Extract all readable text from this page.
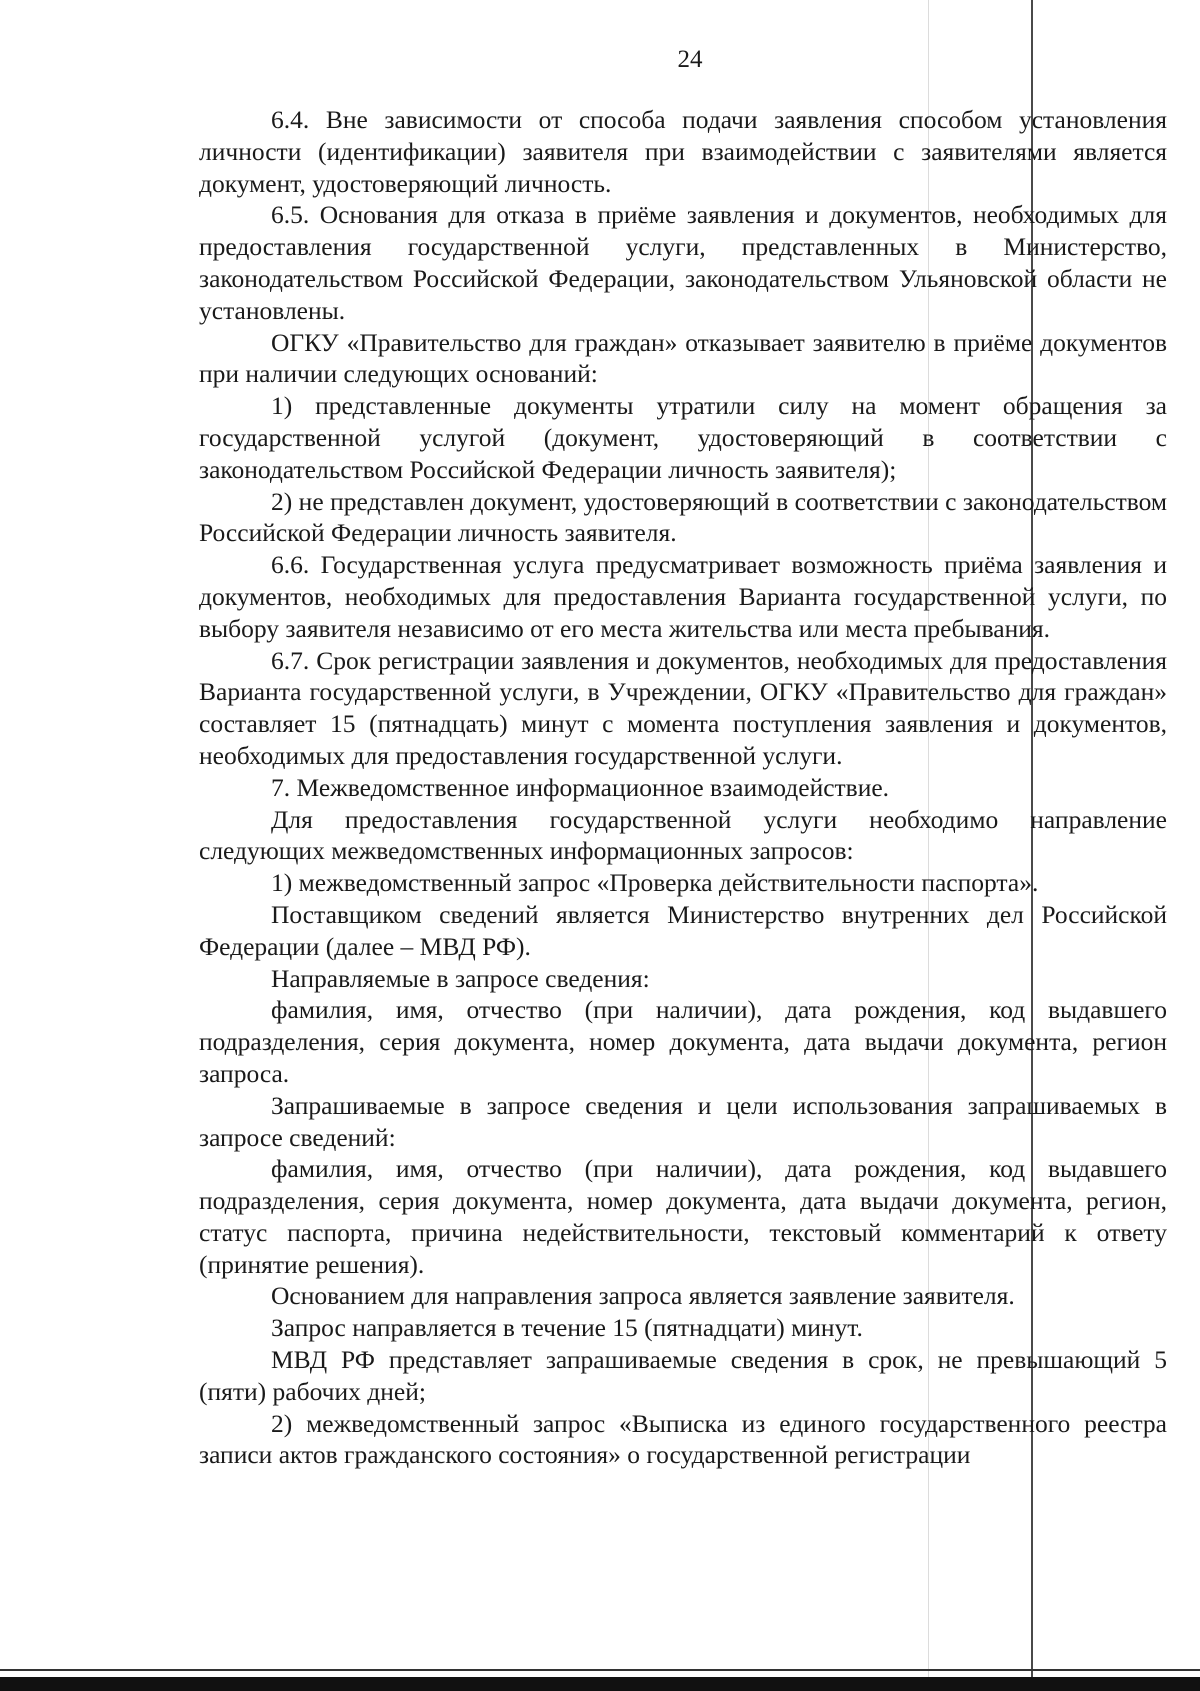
24

6.4. Вне зависимости от способа подачи заявления способом установления личности (идентификации) заявителя при взаимодействии с заявителями является документ, удостоверяющий личность.

6.5. Основания для отказа в приёме заявления и документов, необходимых для предоставления государственной услуги, представленных в Министерство, законодательством Российской Федерации, законодательством Ульяновской области не установлены.

ОГКУ «Правительство для граждан» отказывает заявителю в приёме документов при наличии следующих оснований:

1) представленные документы утратили силу на момент обращения за государственной услугой (документ, удостоверяющий в соответствии с законодательством Российской Федерации личность заявителя);

2) не представлен документ, удостоверяющий в соответствии с законодательством Российской Федерации личность заявителя.

6.6. Государственная услуга предусматривает возможность приёма заявления и документов, необходимых для предоставления Варианта государственной услуги, по выбору заявителя независимо от его места жительства или места пребывания.

6.7. Срок регистрации заявления и документов, необходимых для предоставления Варианта государственной услуги, в Учреждении, ОГКУ «Правительство для граждан» составляет 15 (пятнадцать) минут с момента поступления заявления и документов, необходимых для предоставления государственной услуги.

7. Межведомственное информационное взаимодействие.

Для предоставления государственной услуги необходимо направление следующих межведомственных информационных запросов:

1) межведомственный запрос «Проверка действительности паспорта».

Поставщиком сведений является Министерство внутренних дел Российской Федерации (далее – МВД РФ).

Направляемые в запросе сведения:

фамилия, имя, отчество (при наличии), дата рождения, код выдавшего подразделения, серия документа, номер документа, дата выдачи документа, регион запроса.

Запрашиваемые в запросе сведения и цели использования запрашиваемых в запросе сведений:

фамилия, имя, отчество (при наличии), дата рождения, код выдавшего подразделения, серия документа, номер документа, дата выдачи документа, регион, статус паспорта, причина недействительности, текстовый комментарий к ответу (принятие решения).

Основанием для направления запроса является заявление заявителя.

Запрос направляется в течение 15 (пятнадцати) минут.

МВД РФ представляет запрашиваемые сведения в срок, не превышающий 5 (пяти) рабочих дней;

2) межведомственный запрос «Выписка из единого государственного реестра записи актов гражданского состояния» о государственной регистрации
